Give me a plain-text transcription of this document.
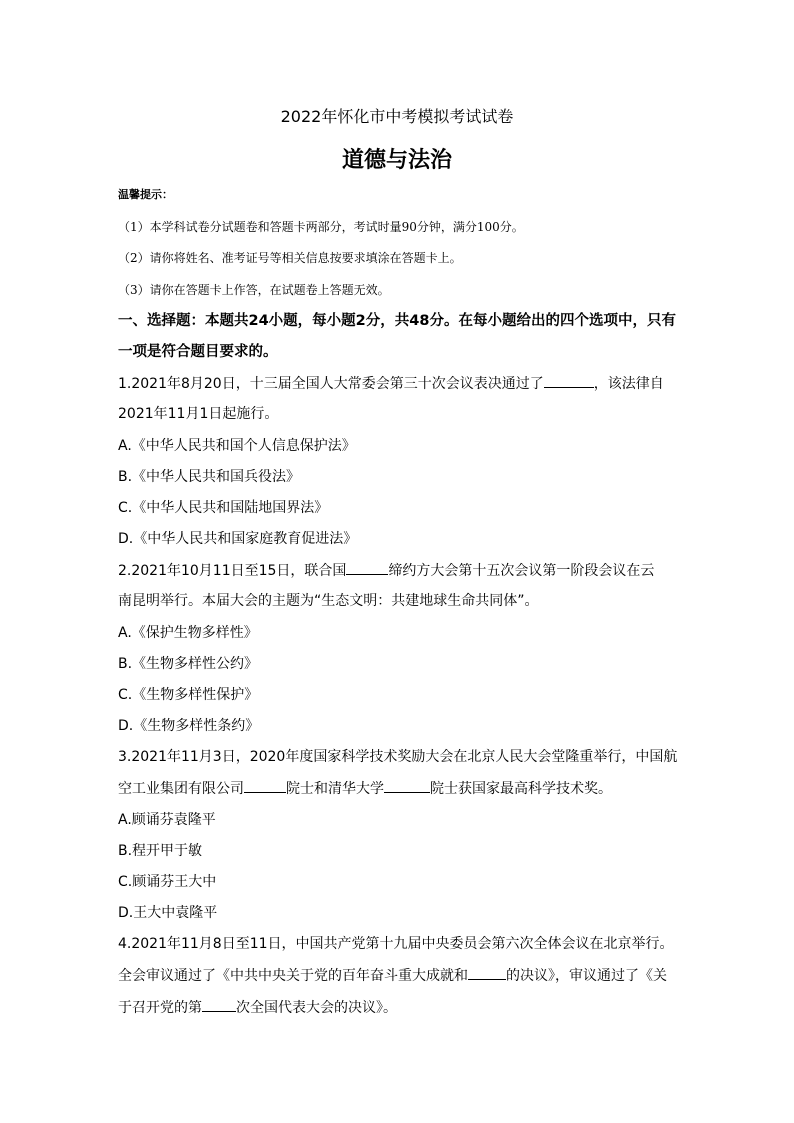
2022年怀化市中考模拟考试试卷
道德与法治
温馨提示：
（1）本学科试卷分试题卷和答题卡两部分，考试时量90分钟，满分100分。
（2）请你将姓名、准考证号等相关信息按要求填涂在答题卡上。
（3）请你在答题卡上作答，在试题卷上答题无效。
一、选择题：本题共24小题，每小题2分，共48分。在每小题给出的四个选项中，只有
一项是符合题目要求的。
1.2021年8月20日，十三届全国人大常委会第三十次会议表决通过了	，该法律自
2021年11月1日起施行。
A.《中华人民共和国个人信息保护法》
B.《中华人民共和国兵役法》
C.《中华人民共和国陆地国界法》
D.《中华人民共和国家庭教育促进法》
2.2021年10月11日至15日，联合国	缔约方大会第十五次会议第一阶段会议在云
南昆明举行。本届大会的主题为“生态文明：共建地球生命共同体”。
A.《保护生物多样性》
B.《生物多样性公约》
C.《生物多样性保护》
D.《生物多样性条约》
3.2021年11月3日，2020年度国家科学技术奖励大会在北京人民大会堂隆重举行，中国航
空工业集团有限公司	院士和清华大学	院士获国家最高科学技术奖。
A.顾诵芬袁隆平
B.程开甲于敏
C.顾诵芬王大中
D.王大中袁隆平
4.2021年11月8日至11日，中国共产党第十九届中央委员会第六次全体会议在北京举行。
全会审议通过了《中共中央关于党的百年奋斗重大成就和	的决议》，审议通过了《关
于召开党的第 次全国代表大会的决议》。
